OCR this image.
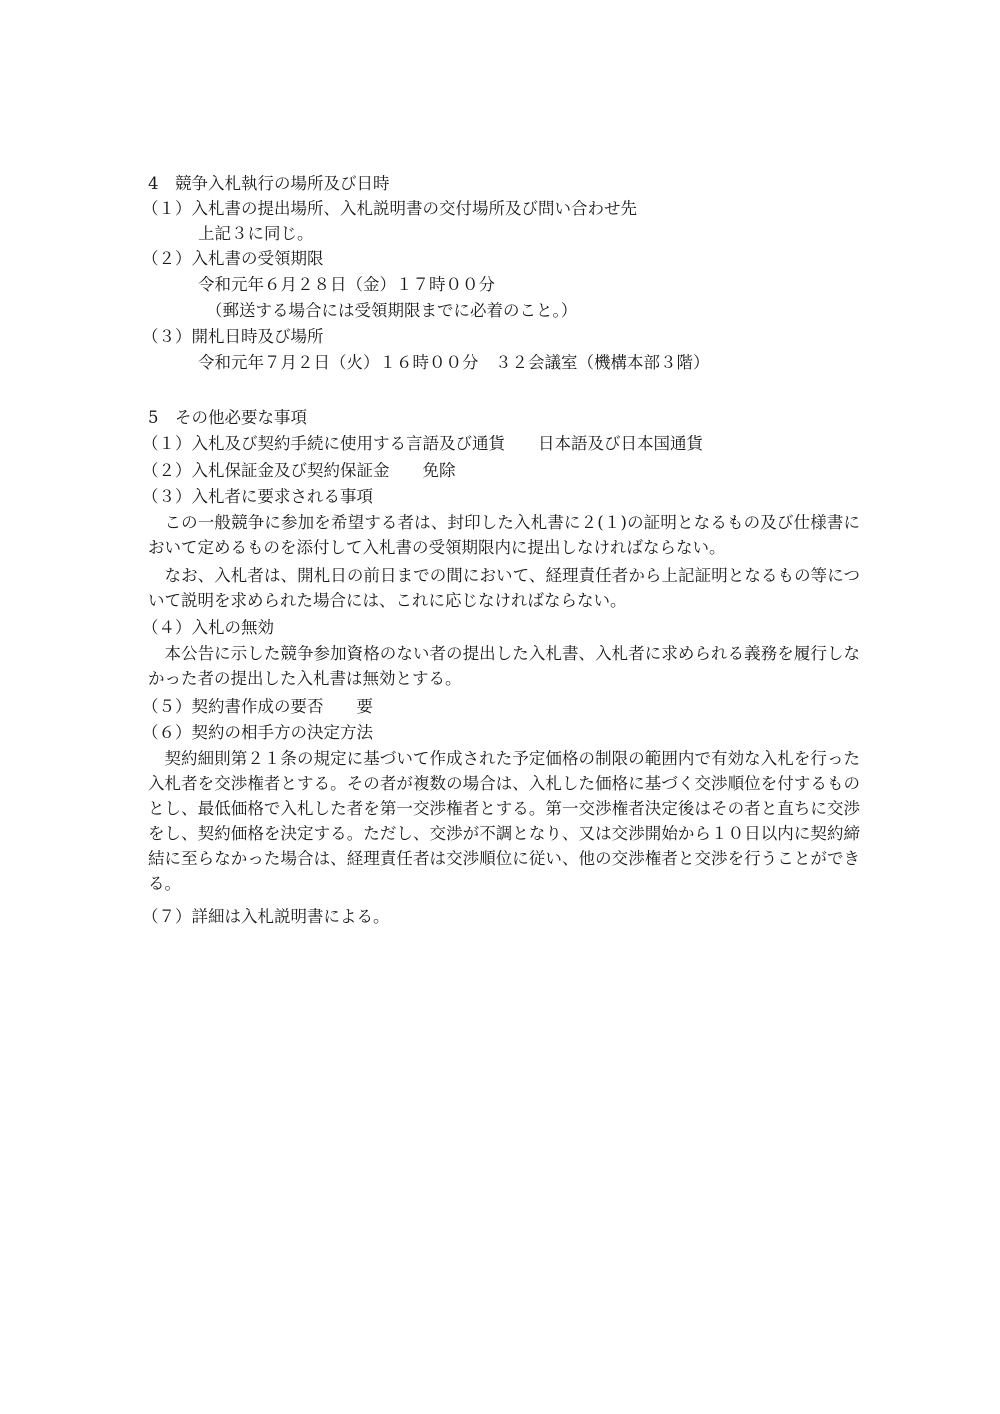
4　競争入札執行の場所及び日時
（１）入札書の提出場所、入札説明書の交付場所及び問い合わせ先
上記３に同じ。
（２）入札書の受領期限
令和元年６月２８日（金）１７時００分
（郵送する場合には受領期限までに必着のこと。）
（３）開札日時及び場所
令和元年７月２日（火）１６時００分　３２会議室（機構本部３階）
5　その他必要な事項
（１）入札及び契約手続に使用する言語及び通貨　　日本語及び日本国通貨
（２）入札保証金及び契約保証金　　免除
（３）入札者に要求される事項
この一般競争に参加を希望する者は、封印した入札書に２(１)の証明となるもの及び仕様書において定めるものを添付して入札書の受領期限内に提出しなければならない。
なお、入札者は、開札日の前日までの間において、経理責任者から上記証明となるもの等について説明を求められた場合には、これに応じなければならない。
（４）入札の無効
本公告に示した競争参加資格のない者の提出した入札書、入札者に求められる義務を履行しなかった者の提出した入札書は無効とする。
（５）契約書作成の要否　　要
（６）契約の相手方の決定方法
契約細則第２１条の規定に基づいて作成された予定価格の制限の範囲内で有効な入札を行った入札者を交渉権者とする。その者が複数の場合は、入札した価格に基づく交渉順位を付するものとし、最低価格で入札した者を第一交渉権者とする。第一交渉権者決定後はその者と直ちに交渉をし、契約価格を決定する。ただし、交渉が不調となり、又は交渉開始から１０日以内に契約締結に至らなかった場合は、経理責任者は交渉順位に従い、他の交渉権者と交渉を行うことができる。
（７）詳細は入札説明書による。
